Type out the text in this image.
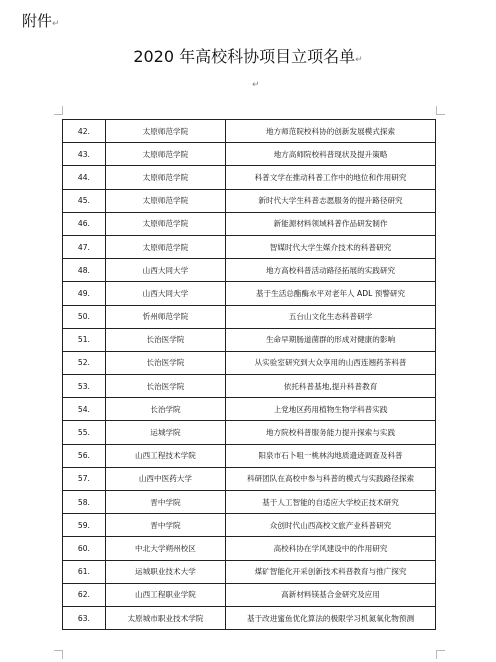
附件↵
2020 年高校科协项目立项名单↵
↵
42.	太原师范学院	地方师范院校科协的创新发展模式探索
43.	太原师范学院	地方高师院校科普现状及提升策略
44.	太原师范学院	科普文学在推动科普工作中的地位和作用研究
45.	太原师范学院	新时代大学生科普志愿服务的提升路径研究
46.	太原师范学院	新能源材料领域科普作品研发制作
47.	太原师范学院	智媒时代大学生媒介技术的科普研究
48.	山西大同大学	地方高校科普活动路径拓展的实践研究
49.	山西大同大学	基于生活总酯酶水平对老年人 ADL 预警研究
50.	忻州师范学院	五台山文化生态科普研学
51.	长治医学院	生命早期肠道菌群的形成对健康的影响
52.	长治医学院	从实验室研究到大众享用的山西连翘药茶科普
53.	长治医学院	依托科普基地,提升科普教育
54.	长治学院	上党地区药用植物生物学科普实践
55.	运城学院	地方院校科普服务能力提升探索与实践
56.	山西工程技术学院	阳泉市石卜咀一桃林沟地质遗迹调查及科普
57.	山西中医药大学	科研团队在高校中参与科普的模式与实践路径探索
58.	晋中学院	基于人工智能的自适应大学校正技术研究
59.	晋中学院	众创时代山西高校文旅产业科普研究
60.	中北大学朔州校区	高校科协在学风建设中的作用研究
61.	运城职业技术大学	煤矿智能化开采创新技术科普教育与推广探究
62.	山西工程职业学院	高新材料镁基合金研究及应用
63.	太原城市职业技术学院	基于改进蜜鱼优化算法的极限学习机氮氧化物预测
